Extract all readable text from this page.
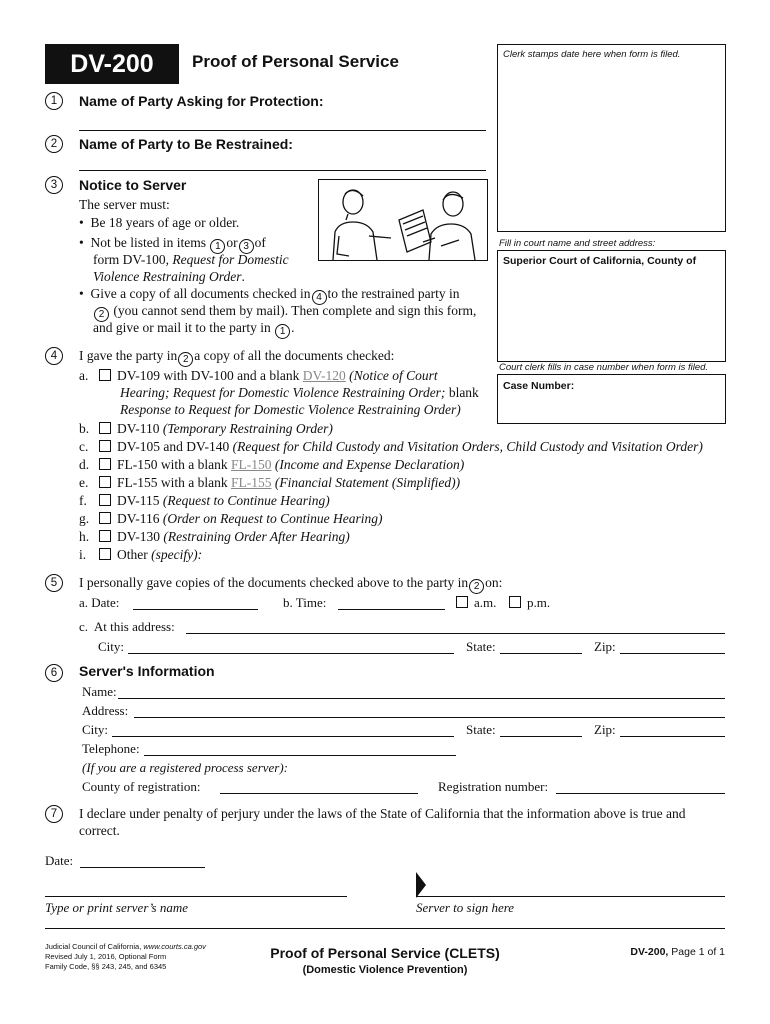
DV-200	Proof of Personal Service	Clerk stamps date here when form is filed.
Fill in court name and street address:
Superior Court of California, County of
Court clerk fills in case number when form is filed.
Case Number:
1	Name of Party Asking for Protection:
2	Name of Party to Be Restrained:
3	Notice to Server
The server must:
•  Be 18 years of age or older.
•  Not be listed in items 1 or 3 of
form DV-100, Request for Domestic
Violence Restraining Order.
•  Give a copy of all documents checked in 4 to the restrained party in
2 (you cannot send them by mail). Then complete and sign this form,
and give or mail it to the party in 1 .
4	I gave the party in 2 a copy of all the documents checked:
a. DV-109 with DV-100 and a blank DV-120 (Notice of Court
Hearing; Request for Domestic Violence Restraining Order; blank
Response to Request for Domestic Violence Restraining Order)
b. DV-110 (Temporary Restraining Order)
c. DV-105 and DV-140 (Request for Child Custody and Visitation Orders, Child Custody and Visitation Order)
d. FL-150 with a blank FL-150 (Income and Expense Declaration)
e. FL-155 with a blank FL-155 (Financial Statement (Simplified))
f. DV-115 (Request to Continue Hearing)
g. DV-116 (Order on Request to Continue Hearing)
h. DV-130 (Restraining Order After Hearing)
i. Other (specify):
5	I personally gave copies of the documents checked above to the party in 2 on:
a. Date:	b. Time:	a.m.	p.m.
c. At this address:
City:	State:	Zip:
6	Server's Information
Name:
Address:
City:	State:	Zip:
Telephone:
(If you are a registered process server):
County of registration:	Registration number:
7	I declare under penalty of perjury under the laws of the State of California that the information above is true and
correct.
Date:
Type or print server’s name	Server to sign here
Judicial Council of California, www.courts.ca.gov
Revised July 1, 2016, Optional Form
Family Code, §§ 243, 245, and 6345
Proof of Personal Service (CLETS)
(Domestic Violence Prevention)
DV-200, Page 1 of 1
